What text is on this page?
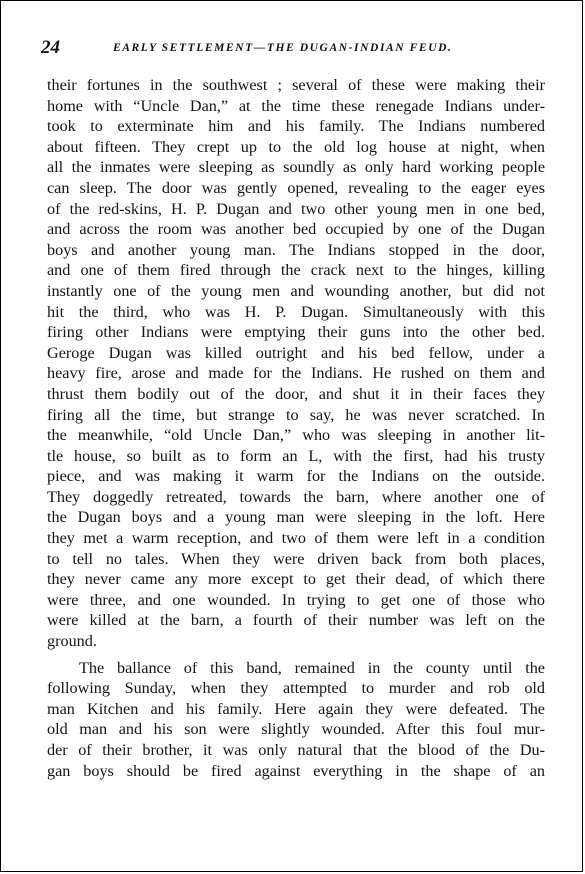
24	EARLY SETTLEMENT—THE DUGAN-INDIAN FEUD.
their fortunes in the southwest ; several of these were making their
home with “Uncle Dan,” at the time these renegade Indians under-
took to exterminate him and his family. The Indians numbered
about fifteen. They crept up to the old log house at night, when
all the inmates were sleeping as soundly as only hard working people
can sleep. The door was gently opened, revealing to the eager eyes
of the red-skins, H. P. Dugan and two other young men in one bed,
and across the room was another bed occupied by one of the Dugan
boys and another young man. The Indians stopped in the door,
and one of them fired through the crack next to the hinges, killing
instantly one of the young men and wounding another, but did not
hit the third, who was H. P. Dugan. Simultaneously with this
firing other Indians were emptying their guns into the other bed.
Geroge Dugan was killed outright and his bed fellow, under a
heavy fire, arose and made for the Indians. He rushed on them and
thrust them bodily out of the door, and shut it in their faces they
firing all the time, but strange to say, he was never scratched. In
the meanwhile, “old Uncle Dan,” who was sleeping in another lit-
tle house, so built as to form an L, with the first, had his trusty
piece, and was making it warm for the Indians on the outside.
They doggedly retreated, towards the barn, where another one of
the Dugan boys and a young man were sleeping in the loft. Here
they met a warm reception, and two of them were left in a condition
to tell no tales. When they were driven back from both places,
they never came any more except to get their dead, of which there
were three, and one wounded. In trying to get one of those who
were killed at the barn, a fourth of their number was left on the
ground.
The ballance of this band, remained in the county until the
following Sunday, when they attempted to murder and rob old
man Kitchen and his family. Here again they were defeated. The
old man and his son were slightly wounded. After this foul mur-
der of their brother, it was only natural that the blood of the Du-
gan boys should be fired against everything in the shape of an
